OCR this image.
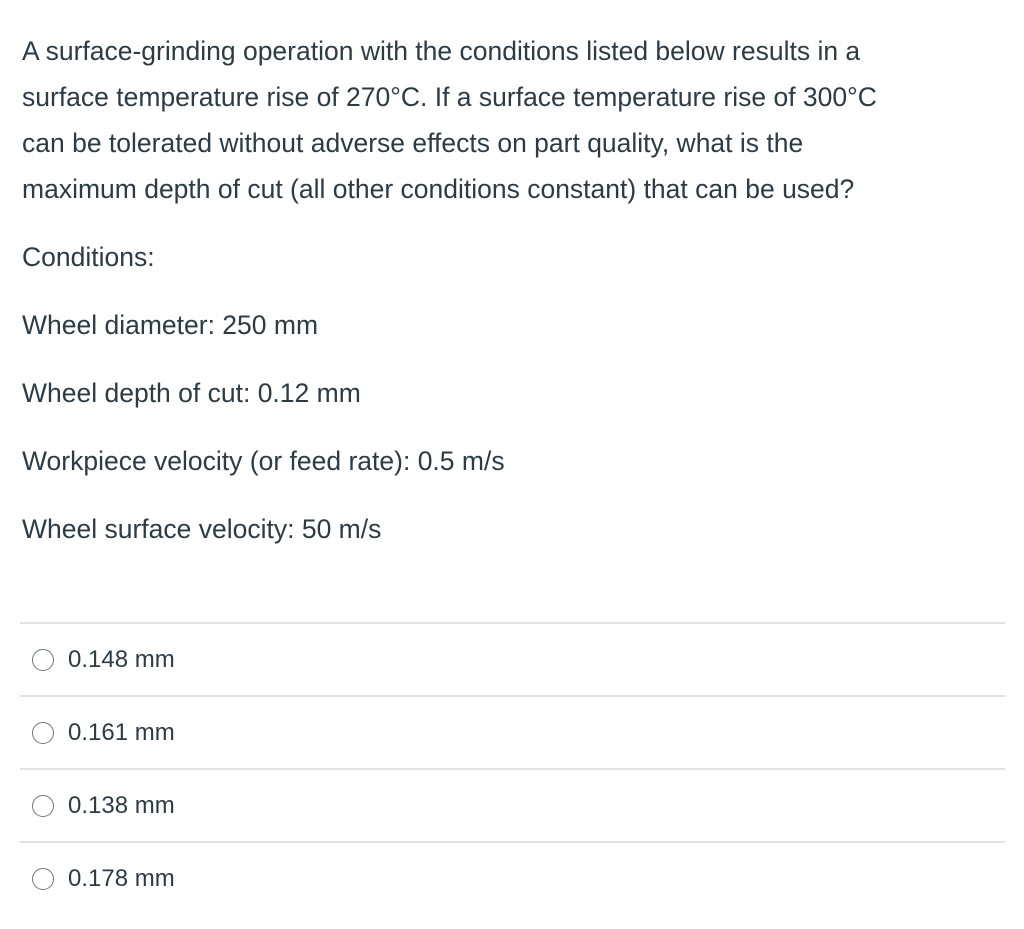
A surface-grinding operation with the conditions listed below results in a
surface temperature rise of 270°C. If a surface temperature rise of 300°C
can be tolerated without adverse effects on part quality, what is the
maximum depth of cut (all other conditions constant) that can be used?

Conditions:

Wheel diameter: 250 mm

Wheel depth of cut: 0.12 mm

Workpiece velocity (or feed rate): 0.5 m/s

Wheel surface velocity: 50 m/s

0.148 mm
0.161 mm
0.138 mm
0.178 mm
